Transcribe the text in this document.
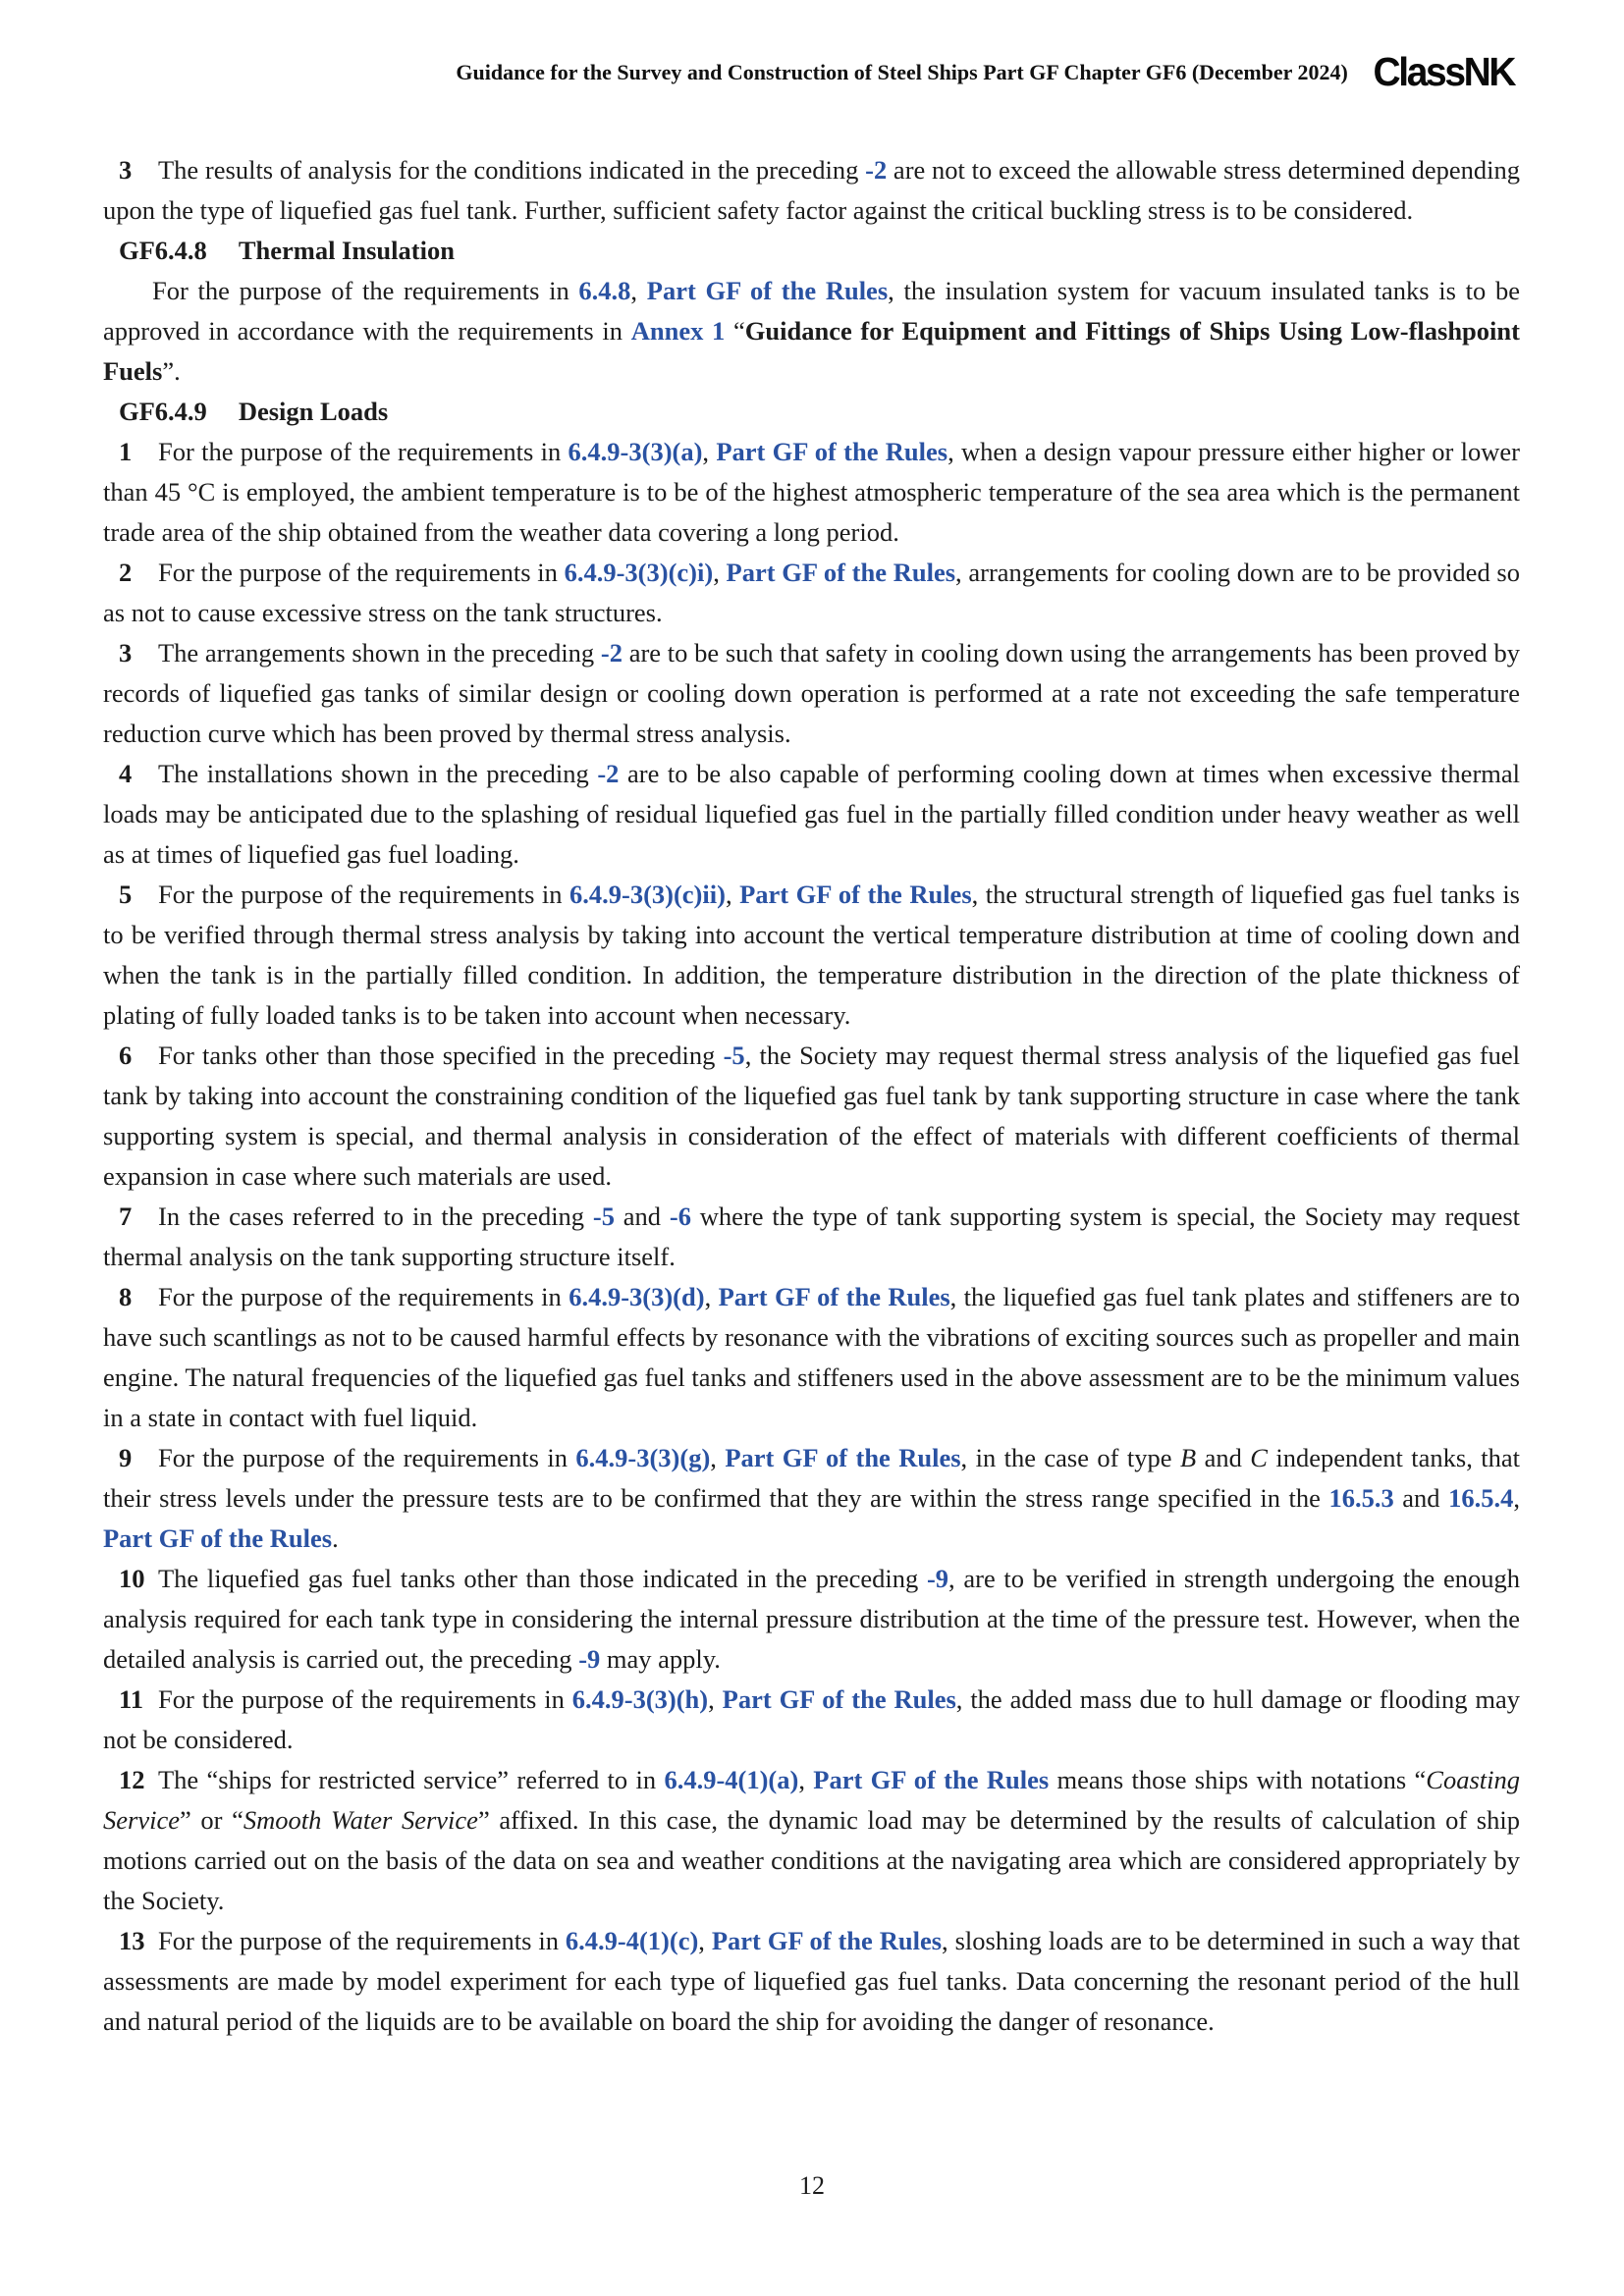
Guidance for the Survey and Construction of Steel Ships Part GF Chapter GF6 (December 2024) ClassNK

3 The results of analysis for the conditions indicated in the preceding -2 are not to exceed the allowable stress determined depending upon the type of liquefied gas fuel tank. Further, sufficient safety factor against the critical buckling stress is to be considered.

GF6.4.8 Thermal Insulation

For the purpose of the requirements in 6.4.8, Part GF of the Rules, the insulation system for vacuum insulated tanks is to be approved in accordance with the requirements in Annex 1 “Guidance for Equipment and Fittings of Ships Using Low-flashpoint Fuels”.

GF6.4.9 Design Loads

1 For the purpose of the requirements in 6.4.9-3(3)(a), Part GF of the Rules, when a design vapour pressure either higher or lower than 45 °C is employed, the ambient temperature is to be of the highest atmospheric temperature of the sea area which is the permanent trade area of the ship obtained from the weather data covering a long period.

2 For the purpose of the requirements in 6.4.9-3(3)(c)i), Part GF of the Rules, arrangements for cooling down are to be provided so as not to cause excessive stress on the tank structures.

3 The arrangements shown in the preceding -2 are to be such that safety in cooling down using the arrangements has been proved by records of liquefied gas tanks of similar design or cooling down operation is performed at a rate not exceeding the safe temperature reduction curve which has been proved by thermal stress analysis.

4 The installations shown in the preceding -2 are to be also capable of performing cooling down at times when excessive thermal loads may be anticipated due to the splashing of residual liquefied gas fuel in the partially filled condition under heavy weather as well as at times of liquefied gas fuel loading.

5 For the purpose of the requirements in 6.4.9-3(3)(c)ii), Part GF of the Rules, the structural strength of liquefied gas fuel tanks is to be verified through thermal stress analysis by taking into account the vertical temperature distribution at time of cooling down and when the tank is in the partially filled condition. In addition, the temperature distribution in the direction of the plate thickness of plating of fully loaded tanks is to be taken into account when necessary.

6 For tanks other than those specified in the preceding -5, the Society may request thermal stress analysis of the liquefied gas fuel tank by taking into account the constraining condition of the liquefied gas fuel tank by tank supporting structure in case where the tank supporting system is special, and thermal analysis in consideration of the effect of materials with different coefficients of thermal expansion in case where such materials are used.

7 In the cases referred to in the preceding -5 and -6 where the type of tank supporting system is special, the Society may request thermal analysis on the tank supporting structure itself.

8 For the purpose of the requirements in 6.4.9-3(3)(d), Part GF of the Rules, the liquefied gas fuel tank plates and stiffeners are to have such scantlings as not to be caused harmful effects by resonance with the vibrations of exciting sources such as propeller and main engine. The natural frequencies of the liquefied gas fuel tanks and stiffeners used in the above assessment are to be the minimum values in a state in contact with fuel liquid.

9 For the purpose of the requirements in 6.4.9-3(3)(g), Part GF of the Rules, in the case of type B and C independent tanks, that their stress levels under the pressure tests are to be confirmed that they are within the stress range specified in the 16.5.3 and 16.5.4, Part GF of the Rules.

10 The liquefied gas fuel tanks other than those indicated in the preceding -9, are to be verified in strength undergoing the enough analysis required for each tank type in considering the internal pressure distribution at the time of the pressure test. However, when the detailed analysis is carried out, the preceding -9 may apply.

11 For the purpose of the requirements in 6.4.9-3(3)(h), Part GF of the Rules, the added mass due to hull damage or flooding may not be considered.

12 The “ships for restricted service” referred to in 6.4.9-4(1)(a), Part GF of the Rules means those ships with notations “Coasting Service” or “Smooth Water Service” affixed. In this case, the dynamic load may be determined by the results of calculation of ship motions carried out on the basis of the data on sea and weather conditions at the navigating area which are considered appropriately by the Society.

13 For the purpose of the requirements in 6.4.9-4(1)(c), Part GF of the Rules, sloshing loads are to be determined in such a way that assessments are made by model experiment for each type of liquefied gas fuel tanks. Data concerning the resonant period of the hull and natural period of the liquids are to be available on board the ship for avoiding the danger of resonance.

12
